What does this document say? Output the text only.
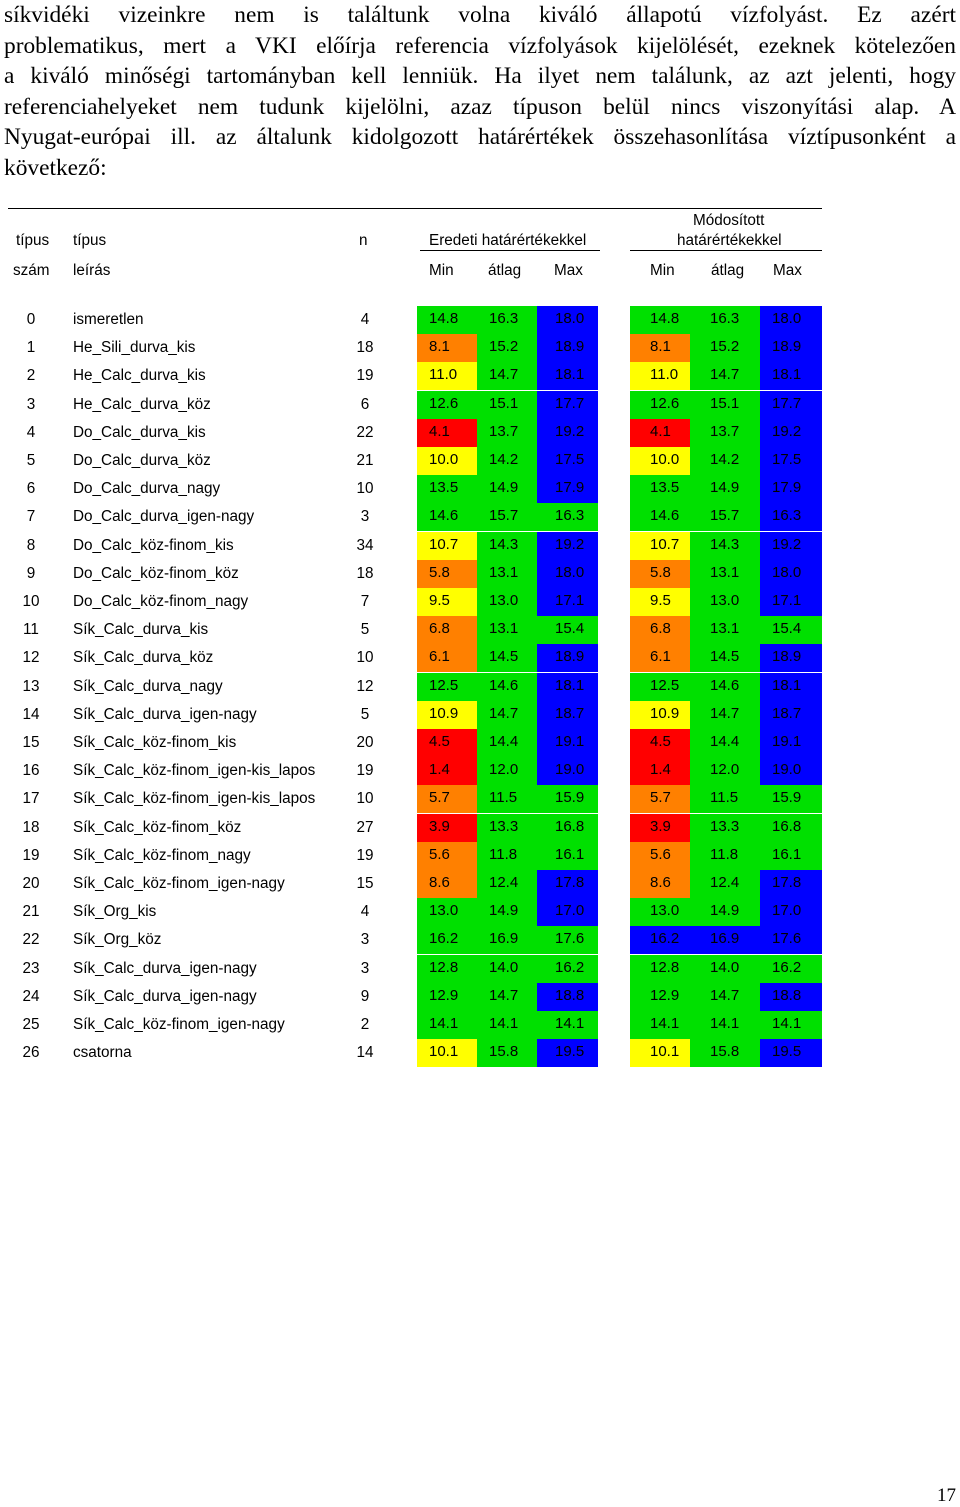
síkvidéki vizeinkre nem is találtunk volna kiváló állapotú vízfolyást. Ez azért
problematikus, mert a VKI előírja referencia vízfolyások kijelölését, ezeknek kötelezően
a kiváló minőségi tartományban kell lenniük. Ha ilyet nem találunk, az azt jelenti, hogy
referenciahelyeket nem tudunk kijelölni, azaz típuson belül nincs viszonyítási alap. A
Nyugat-európai ill. az általunk kidolgozott határértékek összehasonlítása víztípusonként a
következő:
típus típus	n	Eredeti határértékekkel
Módosított
határértékekkel
szám leírás	Min átlag Max	Min átlag Max
0	ismeretlen	4	14.8 16.3 18.0	14.8 16.3 18.0
1	He_Sili_durva_kis	18	8.1	15.2 18.9	8.1	15.2 18.9
2	He_Calc_durva_kis	19	11.0 14.7 18.1	11.0 14.7 18.1
3	He_Calc_durva_köz	6	12.6 15.1 17.7	12.6 15.1 17.7
4	Do_Calc_durva_kis	22	4.1	13.7 19.2	4.1	13.7 19.2
5	Do_Calc_durva_köz	21	10.0 14.2 17.5	10.0 14.2 17.5
6	Do_Calc_durva_nagy	10	13.5 14.9 17.9	13.5 14.9 17.9
7	Do_Calc_durva_igen-nagy	3	14.6 15.7 16.3	14.6 15.7 16.3
8	Do_Calc_köz-finom_kis	34	10.7 14.3 19.2	10.7 14.3 19.2
9	Do_Calc_köz-finom_köz	18	5.8	13.1 18.0	5.8	13.1 18.0
10	Do_Calc_köz-finom_nagy	7	9.5	13.0 17.1	9.5	13.0 17.1
11	Sík_Calc_durva_kis	5	6.8	13.1 15.4	6.8	13.1 15.4
12	Sík_Calc_durva_köz	10	6.1	14.5 18.9	6.1	14.5 18.9
13	Sík_Calc_durva_nagy	12	12.5 14.6 18.1	12.5 14.6 18.1
14	Sík_Calc_durva_igen-nagy	5	10.9 14.7 18.7	10.9 14.7 18.7
15	Sík_Calc_köz-finom_kis	20	4.5	14.4 19.1	4.5	14.4 19.1
16	Sík_Calc_köz-finom_igen-kis_lapos	19	1.4	12.0 19.0	1.4	12.0 19.0
17	Sík_Calc_köz-finom_igen-kis_lapos	10	5.7	11.5	15.9	5.7	11.5 15.9
18	Sík_Calc_köz-finom_köz	27	3.9	13.3 16.8	3.9	13.3 16.8
19	Sík_Calc_köz-finom_nagy	19	5.6	11.8	16.1	5.6	11.8 16.1
20	Sík_Calc_köz-finom_igen-nagy	15	8.6	12.4 17.8	8.6	12.4 17.8
21	Sík_Org_kis	4	13.0 14.9 17.0	13.0 14.9 17.0
22	Sík_Org_köz	3	16.2 16.9 17.6	16.2 16.9 17.6
23	Sík_Calc_durva_igen-nagy	3	12.8 14.0 16.2	12.8 14.0 16.2
24	Sík_Calc_durva_igen-nagy	9	12.9 14.7 18.8	12.9 14.7 18.8
25	Sík_Calc_köz-finom_igen-nagy	2	14.1 14.1 14.1	14.1 14.1 14.1
26	csatorna	14	10.1 15.8 19.5	10.1 15.8 19.5
17
